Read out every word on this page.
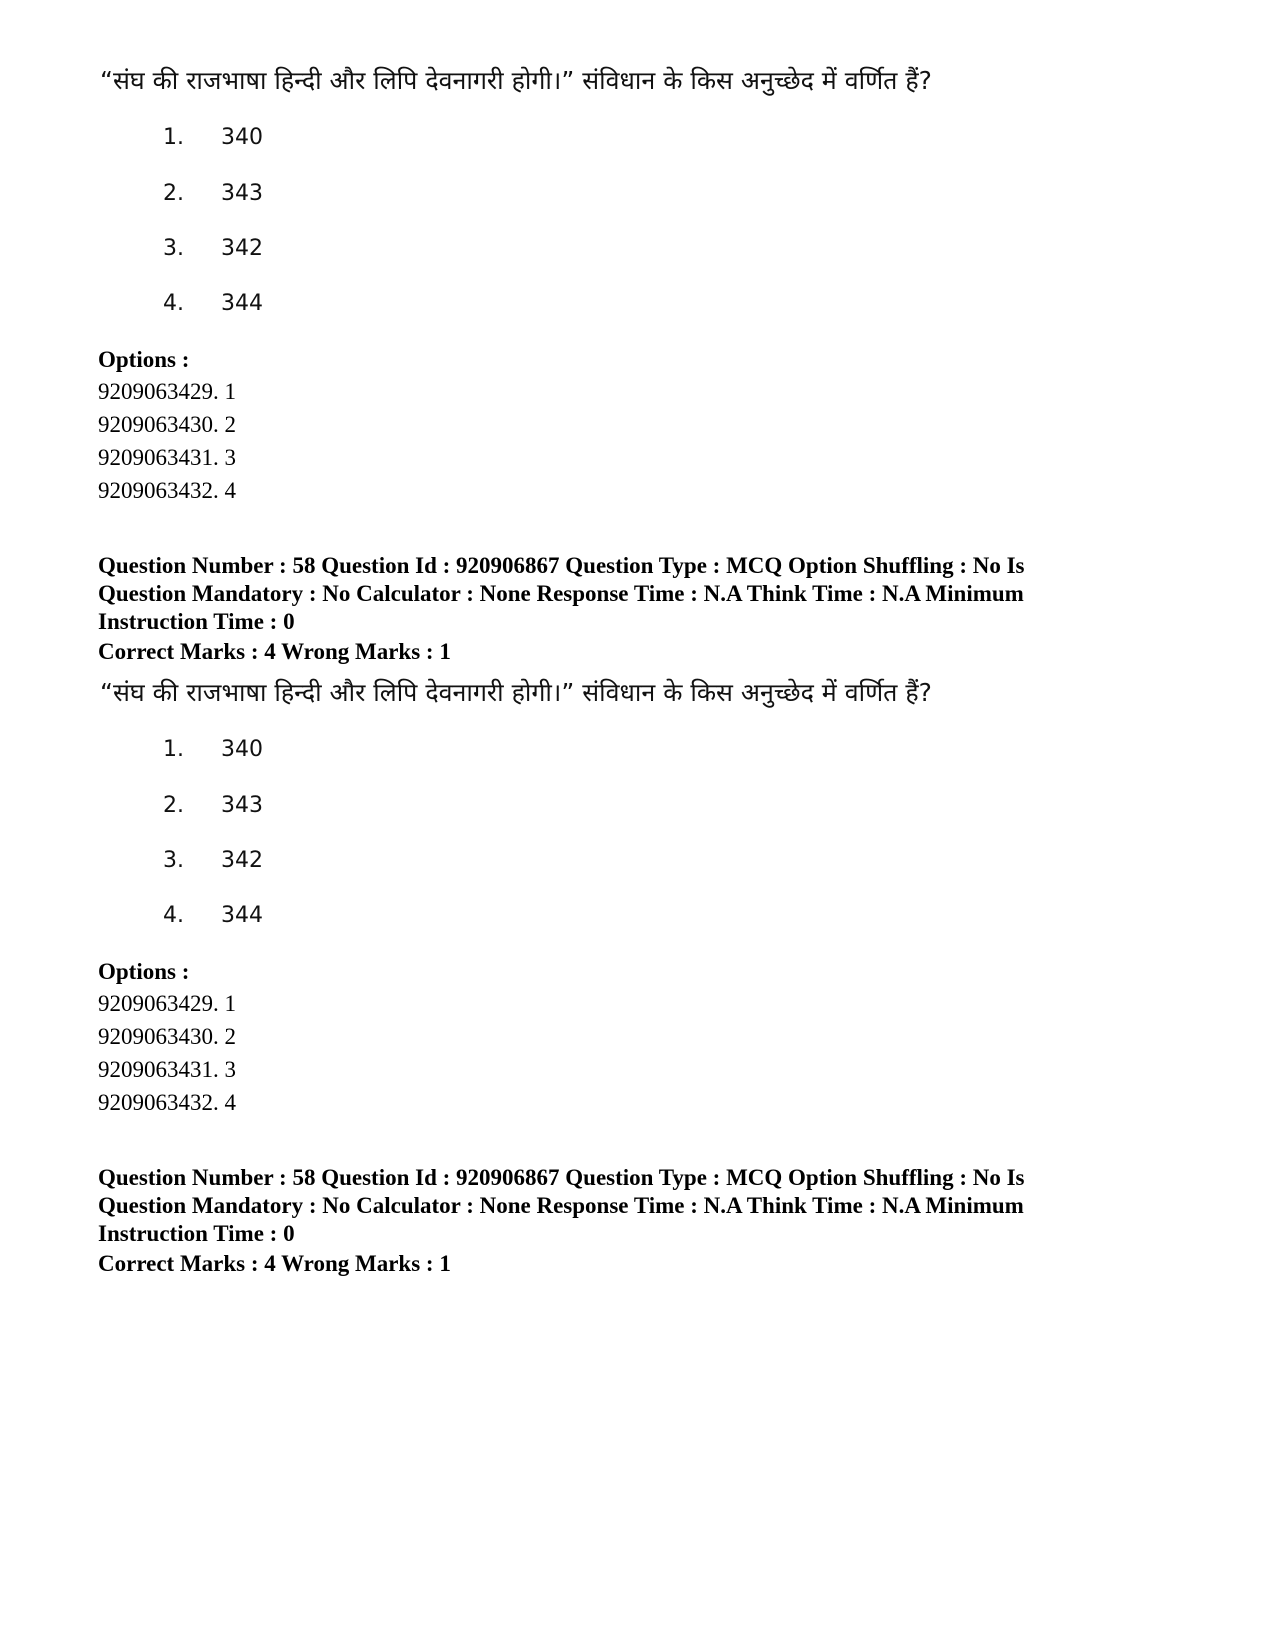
“संघ की राजभाषा हिन्दी और लिपि देवनागरी होगी।” संविधान के किस अनुच्छेद में वर्णित हैं?
1. 340
2. 343
3. 342
4. 344
Options :
9209063429. 1
9209063430. 2
9209063431. 3
9209063432. 4
Question Number : 58 Question Id : 920906867 Question Type : MCQ Option Shuffling : No Is
Question Mandatory : No Calculator : None Response Time : N.A Think Time : N.A Minimum
Instruction Time : 0
Correct Marks : 4 Wrong Marks : 1
“संघ की राजभाषा हिन्दी और लिपि देवनागरी होगी।” संविधान के किस अनुच्छेद में वर्णित हैं?
1. 340
2. 343
3. 342
4. 344
Options :
9209063429. 1
9209063430. 2
9209063431. 3
9209063432. 4
Question Number : 58 Question Id : 920906867 Question Type : MCQ Option Shuffling : No Is
Question Mandatory : No Calculator : None Response Time : N.A Think Time : N.A Minimum
Instruction Time : 0
Correct Marks : 4 Wrong Marks : 1
